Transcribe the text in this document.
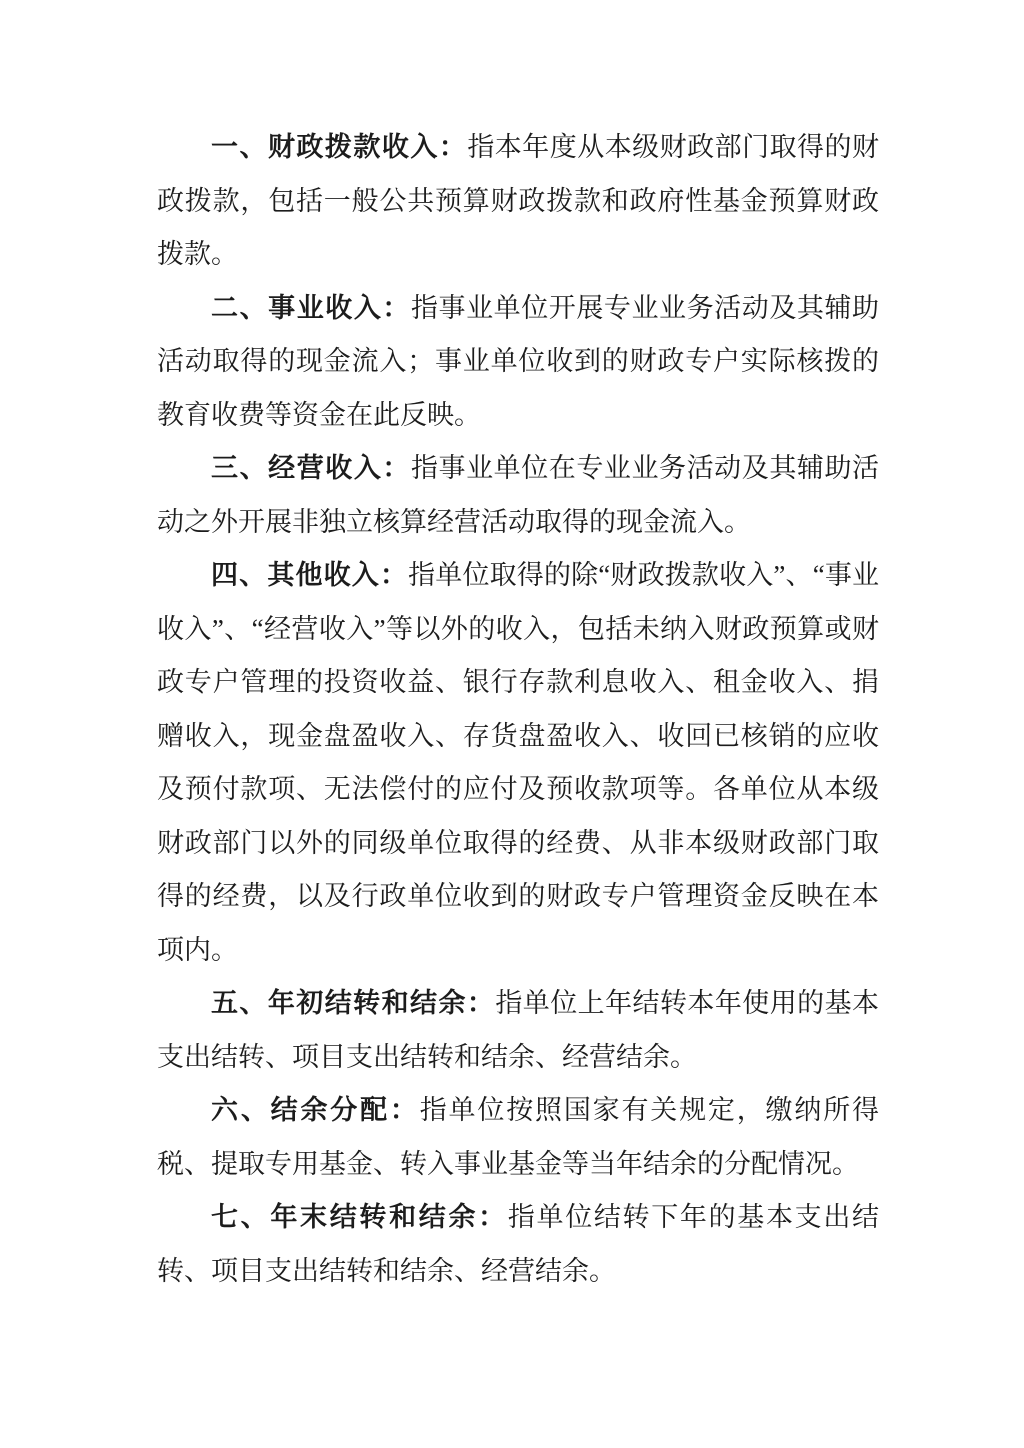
一、财政拨款收入：指本年度从本级财政部门取得的财政拨款，包括一般公共预算财政拨款和政府性基金预算财政拨款。

二、事业收入：指事业单位开展专业业务活动及其辅助活动取得的现金流入；事业单位收到的财政专户实际核拨的教育收费等资金在此反映。

三、经营收入：指事业单位在专业业务活动及其辅助活动之外开展非独立核算经营活动取得的现金流入。

四、其他收入：指单位取得的除“财政拨款收入”、“事业收入”、“经营收入”等以外的收入，包括未纳入财政预算或财政专户管理的投资收益、银行存款利息收入、租金收入、捐赠收入，现金盘盈收入、存货盘盈收入、收回已核销的应收及预付款项、无法偿付的应付及预收款项等。各单位从本级财政部门以外的同级单位取得的经费、从非本级财政部门取得的经费，以及行政单位收到的财政专户管理资金反映在本项内。

五、年初结转和结余：指单位上年结转本年使用的基本支出结转、项目支出结转和结余、经营结余。

六、结余分配：指单位按照国家有关规定，缴纳所得税、提取专用基金、转入事业基金等当年结余的分配情况。

七、年末结转和结余：指单位结转下年的基本支出结转、项目支出结转和结余、经营结余。
